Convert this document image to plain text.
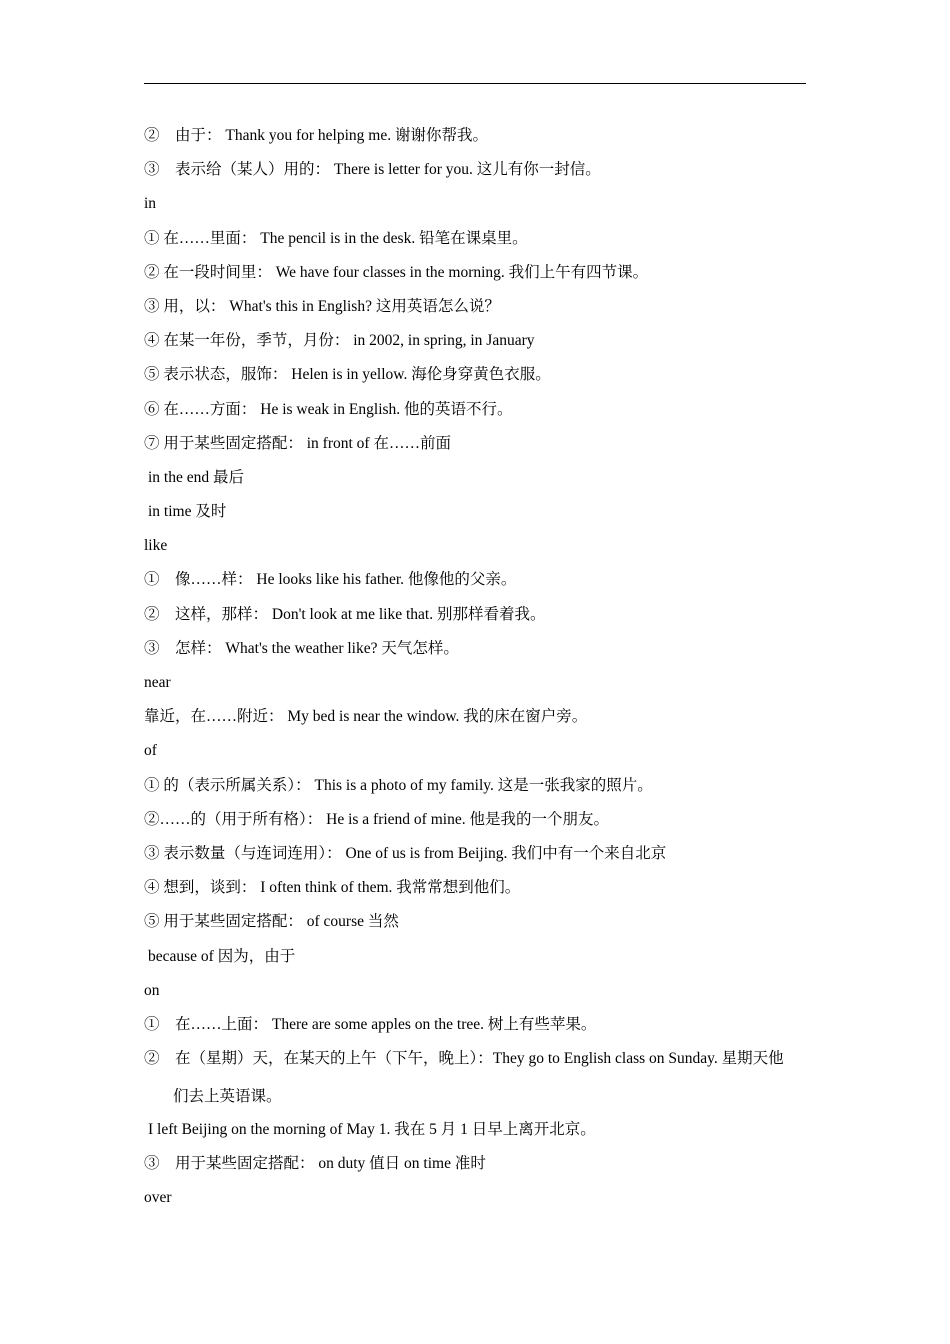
②　由于： Thank you for helping me. 谢谢你帮我。
③　表示给（某人）用的： There is letter for you. 这儿有你一封信。
in
① 在……里面： The pencil is in the desk. 铅笔在课桌里。
② 在一段时间里： We have four classes in the morning. 我们上午有四节课。
③ 用，以： What's this in English? 这用英语怎么说？
④ 在某一年份，季节，月份： in 2002, in spring, in January
⑤ 表示状态，服饰： Helen is in yellow. 海伦身穿黄色衣服。
⑥ 在……方面： He is weak in English. 他的英语不行。
⑦ 用于某些固定搭配： in front of 在……前面
in the end 最后
in time 及时
like
①　像……样： He looks like his father. 他像他的父亲。
②　这样，那样： Don't look at me like that. 别那样看着我。
③　怎样： What's the weather like? 天气怎样。
near
靠近，在……附近： My bed is near the window. 我的床在窗户旁。
of
① 的（表示所属关系）： This is a photo of my family. 这是一张我家的照片。
②……的（用于所有格）： He is a friend of mine. 他是我的一个朋友。
③ 表示数量（与连词连用）： One of us is from Beijing. 我们中有一个来自北京
④ 想到，谈到： I often think of them. 我常常想到他们。
⑤ 用于某些固定搭配： of course 当然
because of 因为，由于
on
①　在……上面： There are some apples on the tree. 树上有些苹果。
②　在（星期）天，在某天的上午（下午，晚上）：They go to English class on Sunday. 星期天他
们去上英语课。
I left Beijing on the morning of May 1. 我在 5 月 1 日早上离开北京。
③　用于某些固定搭配： on duty 值日 on time 准时
over
